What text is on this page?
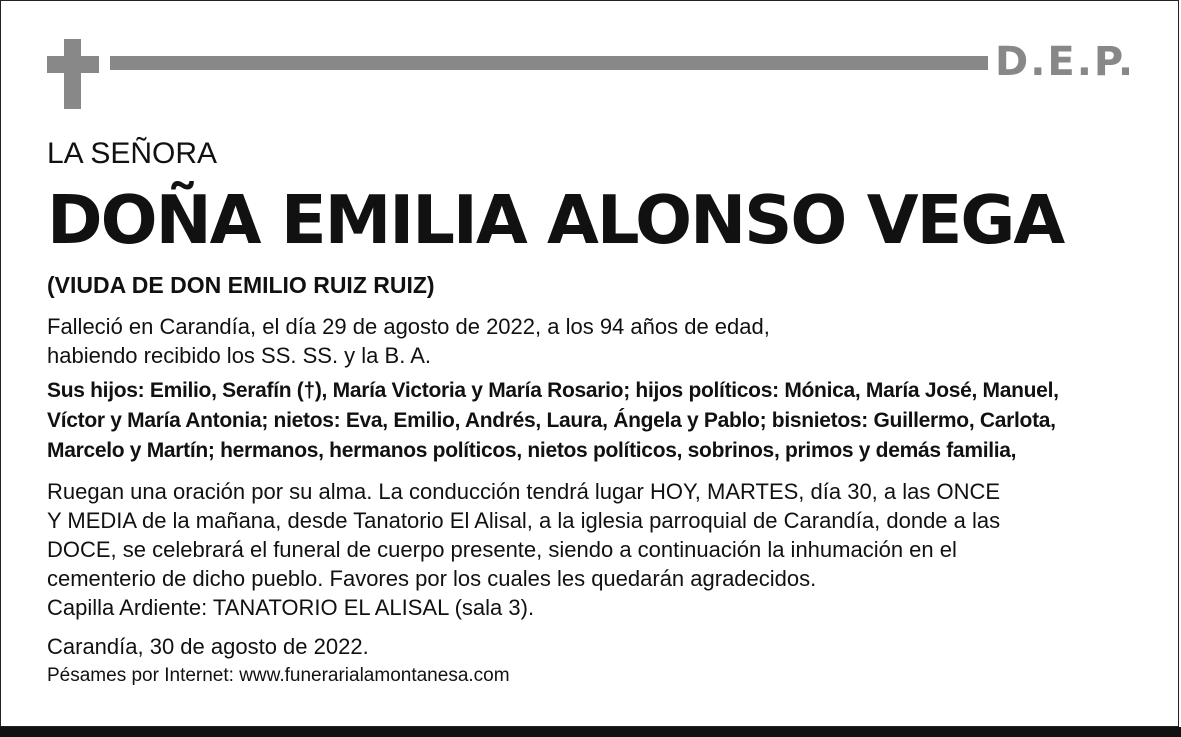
D.E.P.
LA SEÑORA
DOÑA EMILIA ALONSO VEGA
(VIUDA DE DON EMILIO RUIZ RUIZ)
Falleció en Carandía, el día 29 de agosto de 2022, a los 94 años de edad,
habiendo recibido los SS. SS. y la B. A.
Sus hijos: Emilio, Serafín (†), María Victoria y María Rosario; hijos políticos: Mónica, María José, Manuel,
Víctor y María Antonia; nietos: Eva, Emilio, Andrés, Laura, Ángela y Pablo; bisnietos: Guillermo, Carlota,
Marcelo y Martín; hermanos, hermanos políticos, nietos políticos, sobrinos, primos y demás familia,
Ruegan una oración por su alma. La conducción tendrá lugar HOY, MARTES, día 30, a las ONCE
Y MEDIA de la mañana, desde Tanatorio El Alisal, a la iglesia parroquial de Carandía, donde a las
DOCE, se celebrará el funeral de cuerpo presente, siendo a continuación la inhumación en el
cementerio de dicho pueblo. Favores por los cuales les quedarán agradecidos.
Capilla Ardiente: TANATORIO EL ALISAL (sala 3).
Carandía, 30 de agosto de 2022.
Pésames por Internet: www.funerarialamontanesa.com
